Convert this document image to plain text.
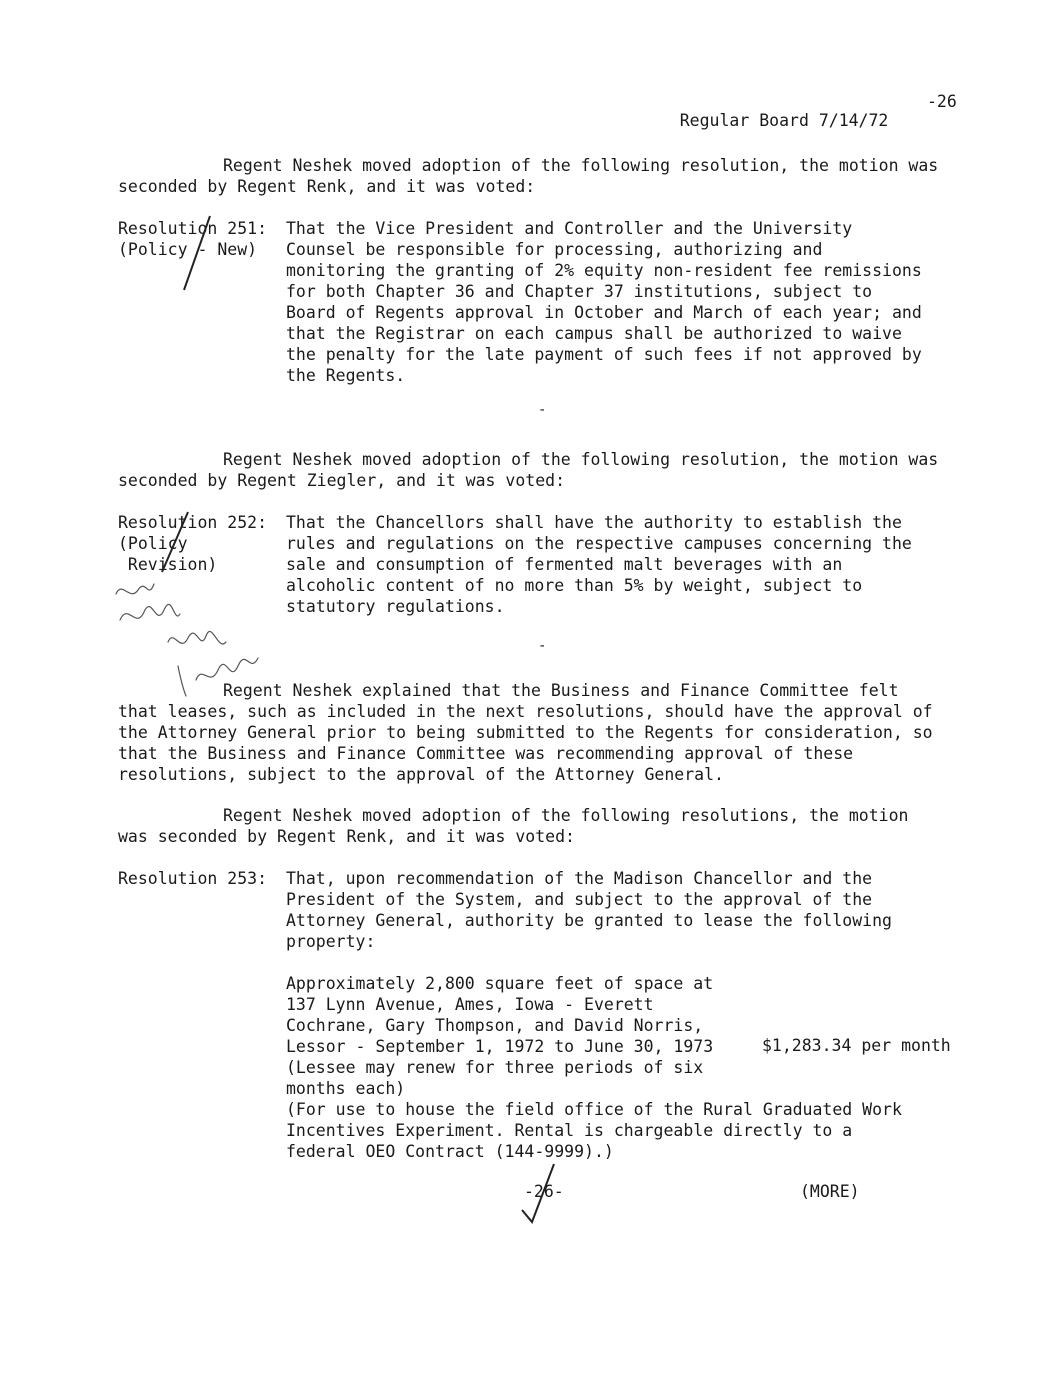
Regular Board 7/14/72

-26

Regent Neshek moved adoption of the following resolution, the motion was seconded by Regent Renk, and it was voted:
Resolution 251:
(Policy - New)
That the Vice President and Controller and the University Counsel be responsible for processing, authorizing and monitoring the granting of 2% equity non-resident fee remissions for both Chapter 36 and Chapter 37 institutions, subject to Board of Regents approval in October and March of each year; and that the Registrar on each campus shall be authorized to waive the penalty for the late payment of such fees if not approved by the Regents.
-
Regent Neshek moved adoption of the following resolution, the motion was seconded by Regent Ziegler, and it was voted:
Resolution 252:
(Policy
Revision)
That the Chancellors shall have the authority to establish the rules and regulations on the respective campuses concerning the sale and consumption of fermented malt beverages with an alcoholic content of no more than 5% by weight, subject to statutory regulations.
-
Regent Neshek explained that the Business and Finance Committee felt that leases, such as included in the next resolutions, should have the approval of the Attorney General prior to being submitted to the Regents for consideration, so that the Business and Finance Committee was recommending approval of these resolutions, subject to the approval of the Attorney General.
Regent Neshek moved adoption of the following resolutions, the motion was seconded by Regent Renk, and it was voted:
Resolution 253:	That, upon recommendation of the Madison Chancellor and the President of the System, and subject to the approval of the Attorney General, authority be granted to lease the following property:
Approximately 2,800 square feet of space at 137 Lynn Avenue, Ames, Iowa - Everett Cochrane, Gary Thompson, and David Norris, Lessor - September 1, 1972 to June 30, 1973 (Lessee may renew for three periods of six months each)
$1,283.34 per month
(For use to house the field office of the Rural Graduated Work Incentives Experiment. Rental is chargeable directly to a federal OEO Contract (144-9999).)
-26-	(MORE)
